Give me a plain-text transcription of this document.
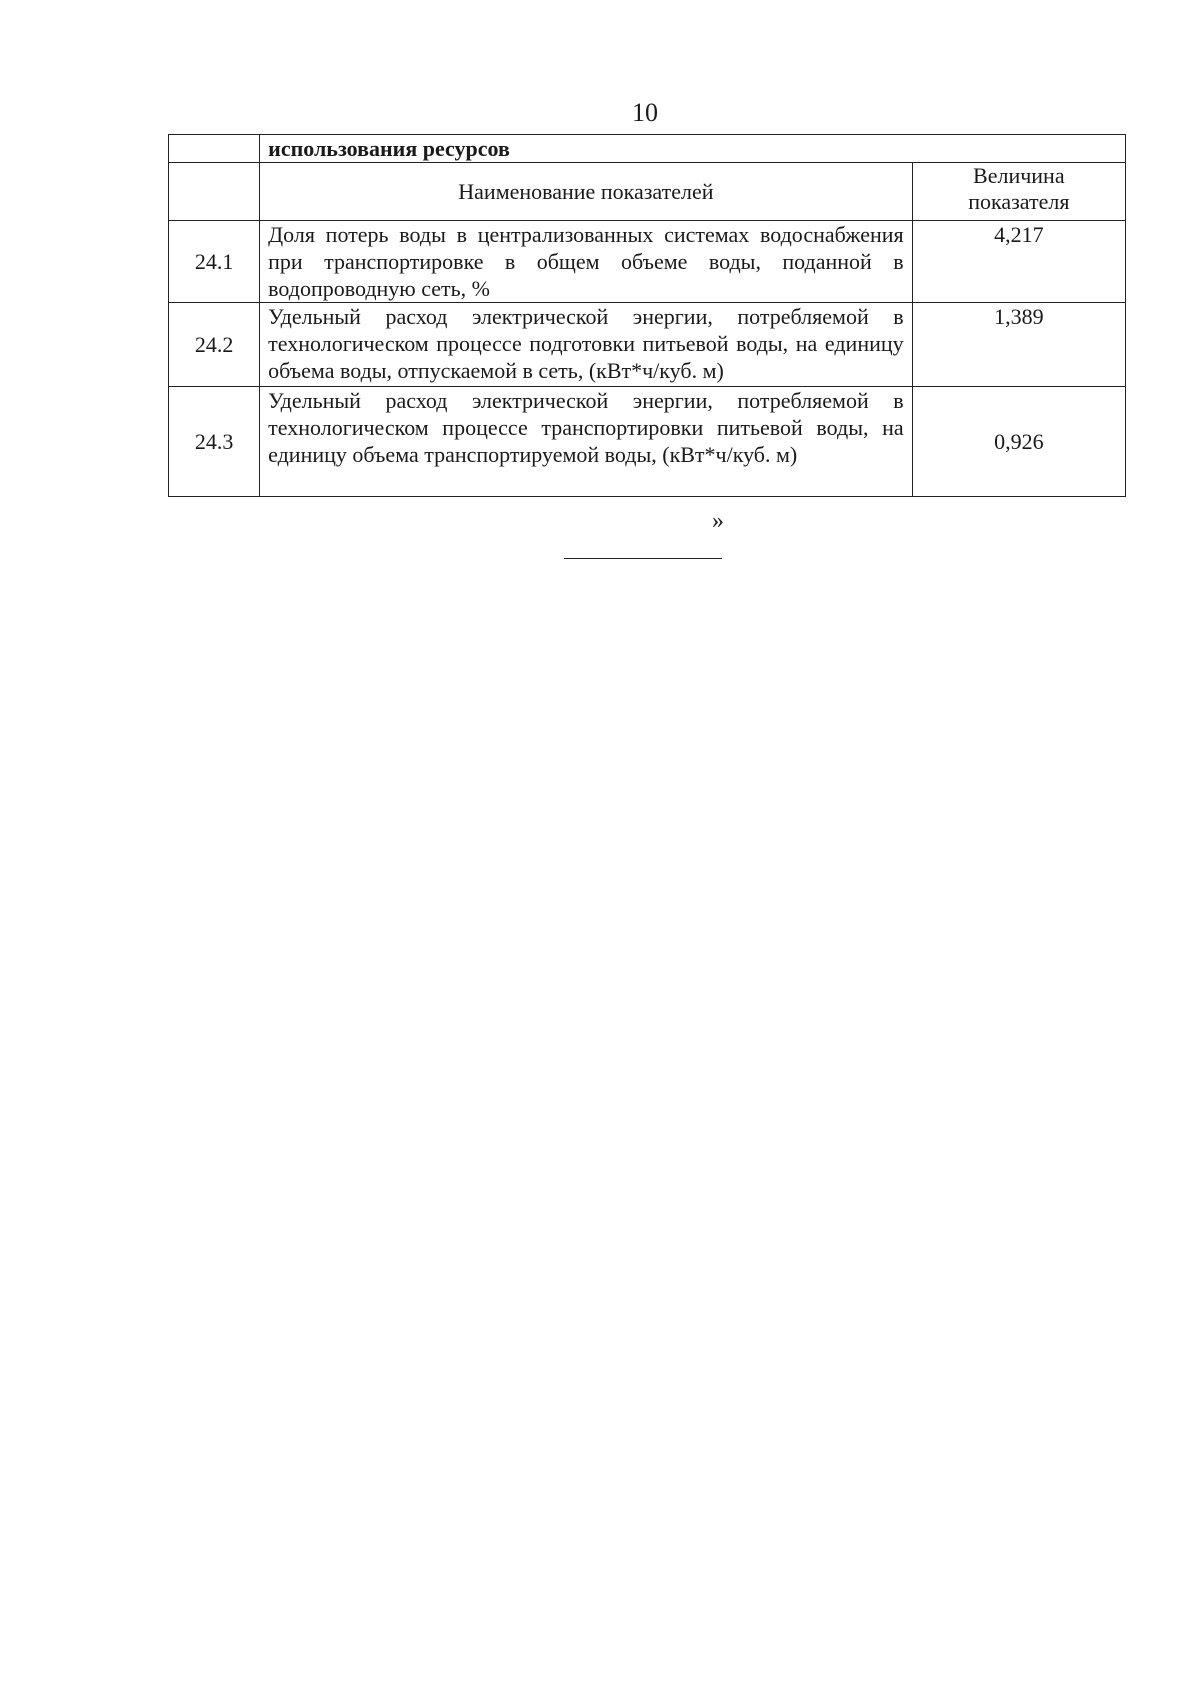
10
	использования ресурсов	
	Наименование показателей	Величина показателя
24.1	Доля потерь воды в централизованных системах водоснабжения при транспортировке в общем объеме воды, поданной в водопроводную сеть, %	4,217
24.2	Удельный расход электрической энергии, потребляемой в технологическом процессе подготовки питьевой воды, на единицу объема воды, отпускаемой в сеть, (кВт*ч/куб. м)	1,389
24.3	Удельный расход электрической энергии, потребляемой в технологическом процессе транспортировки питьевой воды, на единицу объема транспортируемой воды, (кВт*ч/куб. м)	0,926
»
